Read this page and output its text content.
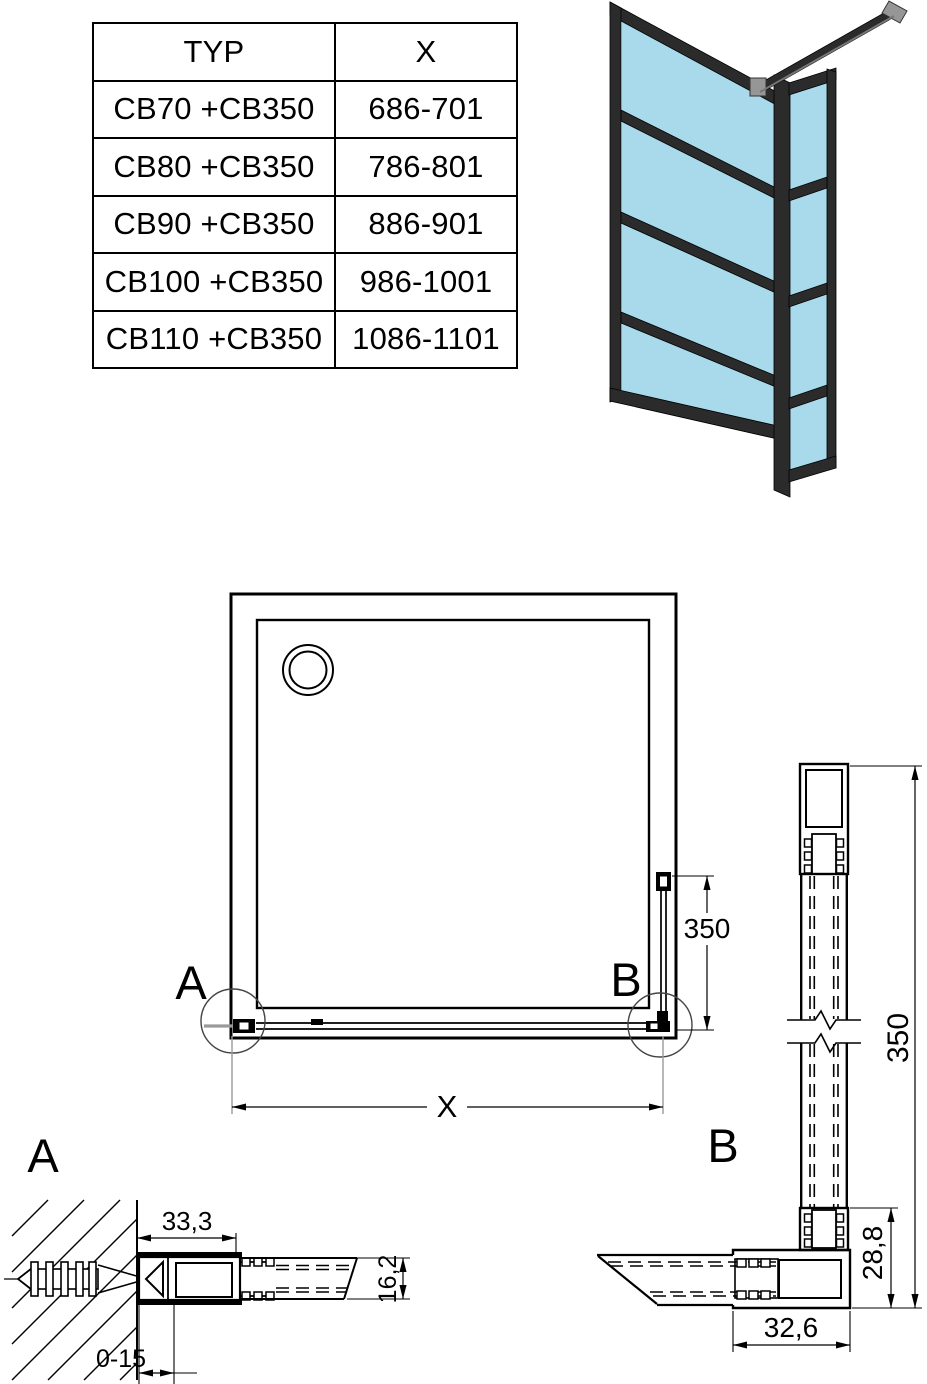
TYP	X
CB70 +CB350	686-701
CB80 +CB350	786-801
CB90 +CB350	886-901
CB100 +CB350	986-1001
CB110 +CB350	1086-1101
A	B
350
X
350
28,8
32,6
B
A
33,3
16,2
0-15
